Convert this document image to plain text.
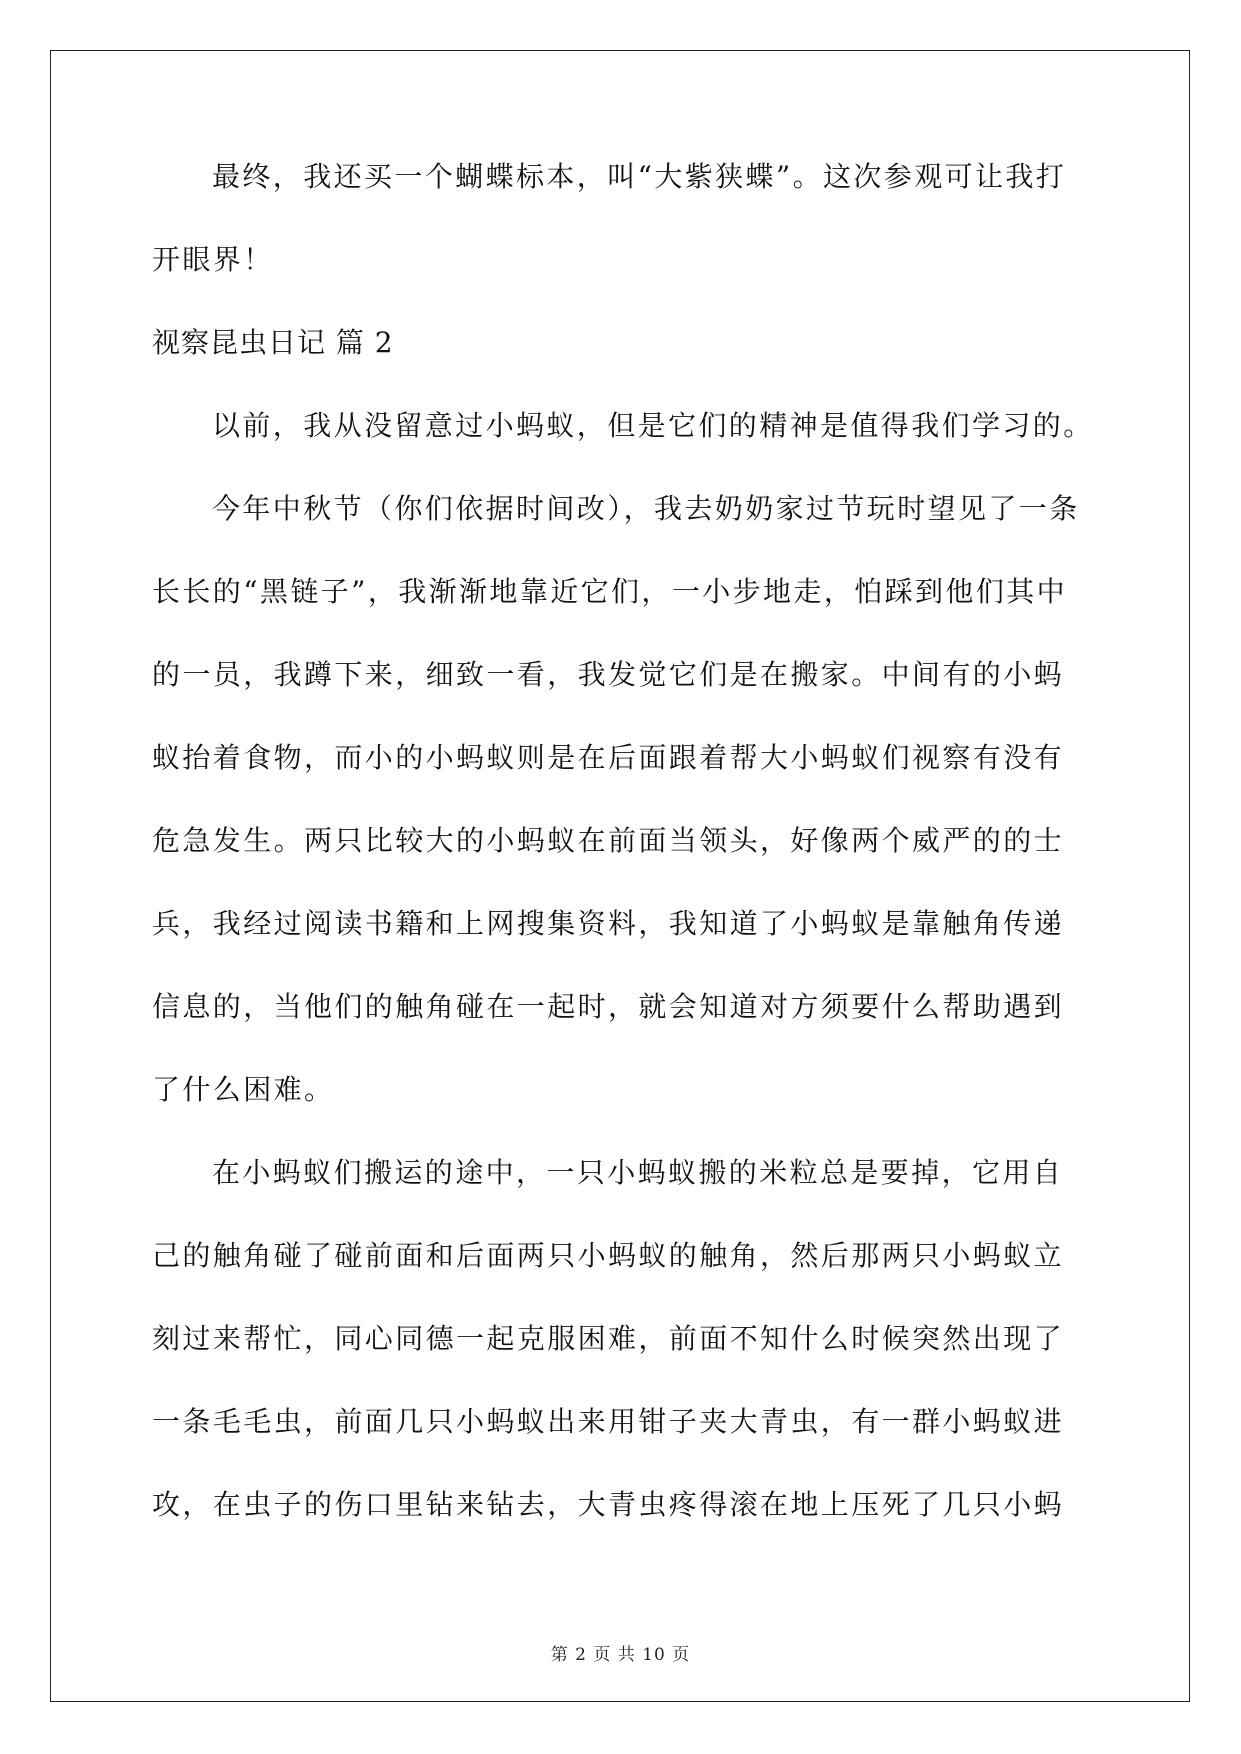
最终，我还买一个蝴蝶标本，叫“大紫狭蝶”。这次参观可让我打
开眼界！
视察昆虫日记 篇 2
以前，我从没留意过小蚂蚁，但是它们的精神是值得我们学习的。
今年中秋节（你们依据时间改），我去奶奶家过节玩时望见了一条
长长的“黑链子”，我渐渐地靠近它们，一小步地走，怕踩到他们其中
的一员，我蹲下来，细致一看，我发觉它们是在搬家。中间有的小蚂
蚁抬着食物，而小的小蚂蚁则是在后面跟着帮大小蚂蚁们视察有没有
危急发生。两只比较大的小蚂蚁在前面当领头，好像两个威严的的士
兵，我经过阅读书籍和上网搜集资料，我知道了小蚂蚁是靠触角传递
信息的，当他们的触角碰在一起时，就会知道对方须要什么帮助遇到
了什么困难。
在小蚂蚁们搬运的途中，一只小蚂蚁搬的米粒总是要掉，它用自
己的触角碰了碰前面和后面两只小蚂蚁的触角，然后那两只小蚂蚁立
刻过来帮忙，同心同德一起克服困难，前面不知什么时候突然出现了
一条毛毛虫，前面几只小蚂蚁出来用钳子夹大青虫，有一群小蚂蚁进
攻，在虫子的伤口里钻来钻去，大青虫疼得滚在地上压死了几只小蚂
第 2 页 共 10 页
